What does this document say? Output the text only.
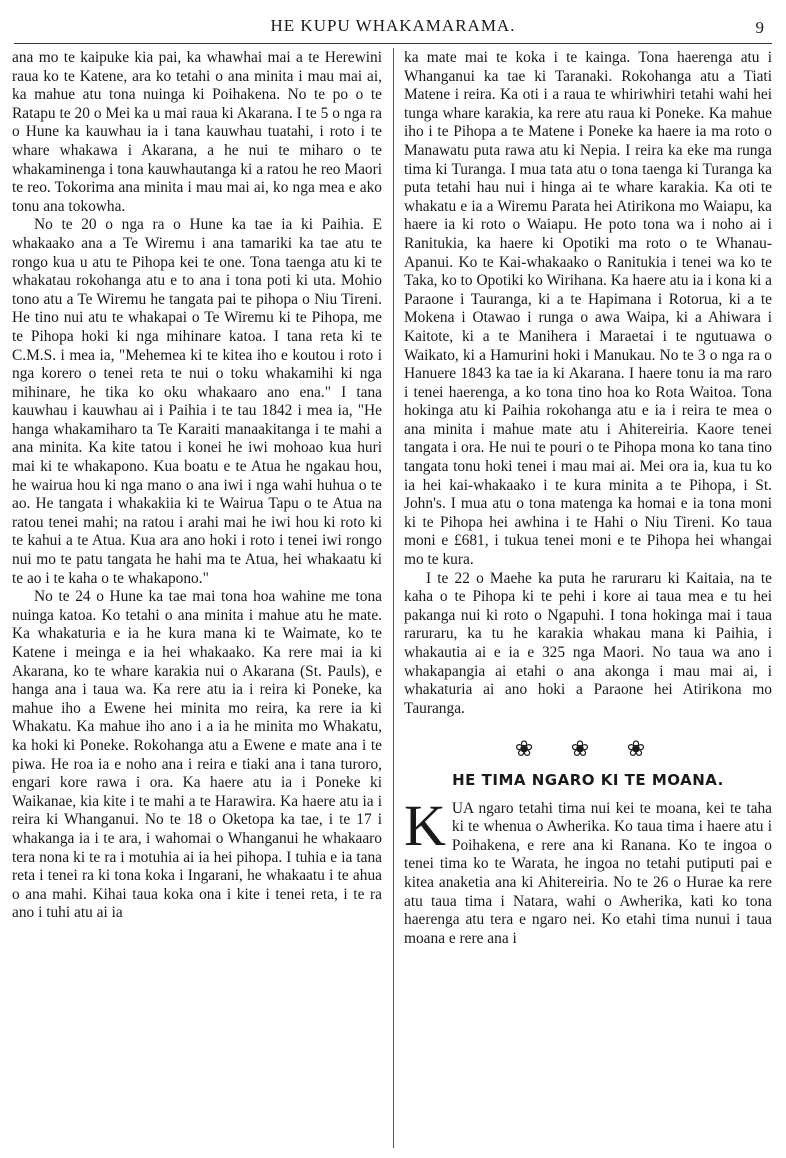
HE KUPU WHAKAMARAMA.	9

ana mo te kaipuke kia pai, ka whawhai mai a te Herewini raua ko te Katene, ara ko tetahi o ana minita i mau mai ai, ka mahue atu tona nuinga ki Poihakena. No te po o te Ratapu te 20 o Mei ka u mai raua ki Akarana. I te 5 o nga ra o Hune ka kauwhau ia i tana kauwhau tuatahi, i roto i te whare whakawa i Akarana, a he nui te miharo o te whakaminenga i tona kauwhautanga ki a ratou he reo Maori te reo. Tokorima ana minita i mau mai ai, ko nga mea e ako tonu ana tokowha.

No te 20 o nga ra o Hune ka tae ia ki Paihia. E whakaako ana a Te Wiremu i ana tamariki ka tae atu te rongo kua u atu te Pihopa kei te one. Tona taenga atu ki te whakatau rokohanga atu e to ana i tona poti ki uta. Mohio tono atu a Te Wiremu he tangata pai te pihopa o Niu Tireni. He tino nui atu te whakapai o Te Wiremu ki te Pihopa, me te Pihopa hoki ki nga mihinare katoa. I tana reta ki te C.M.S. i mea ia, "Mehemea ki te kitea iho e koutou i roto i nga korero o tenei reta te nui o toku whakamihi ki nga mihinare, he tika ko oku whakaaro ano ena." I tana kauwhau i kauwhau ai i Paihia i te tau 1842 i mea ia, "He hanga whakamiharo ta Te Karaiti manaakitanga i te mahi a ana minita. Ka kite tatou i konei he iwi mohoao kua huri mai ki te whakapono. Kua boatu e te Atua he ngakau hou, he wairua hou ki nga mano o ana iwi i nga wahi huhua o te ao. He tangata i whakakiia ki te Wairua Tapu o te Atua na ratou tenei mahi; na ratou i arahi mai he iwi hou ki roto ki te kahui a te Atua. Kua ara ano hoki i roto i tenei iwi rongo nui mo te patu tangata he hahi ma te Atua, hei whakaatu ki te ao i te kaha o te whakapono."

No te 24 o Hune ka tae mai tona hoa wahine me tona nuinga katoa. Ko tetahi o ana minita i mahue atu he mate. Ka whakaturia e ia he kura mana ki te Waimate, ko te Katene i meinga e ia hei whakaako. Ka rere mai ia ki Akarana, ko te whare karakia nui o Akarana (St. Pauls), e hanga ana i taua wa. Ka rere atu ia i reira ki Poneke, ka mahue iho a Ewene hei minita mo reira, ka rere ia ki Whakatu. Ka mahue iho ano i a ia he minita mo Whakatu, ka hoki ki Poneke. Rokohanga atu a Ewene e mate ana i te piwa. He roa ia e noho ana i reira e tiaki ana i tana turoro, engari kore rawa i ora. Ka haere atu ia i Poneke ki Waikanae, kia kite i te mahi a te Harawira. Ka haere atu ia i reira ki Whanganui. No te 18 o Oketopa ka tae, i te 17 i whakanga ia i te ara, i wahomai o Whanganui he whakaaro tera nona ki te ra i motuhia ai ia hei pihopa. I tuhia e ia tana reta i tenei ra ki tona koka i Ingarani, he whakaatu i te ahua o ana mahi. Kihai taua koka ona i kite i tenei reta, i te ra ano i tuhi atu ai ia

ka mate mai te koka i te kainga. Tona haerenga atu i Whanganui ka tae ki Taranaki. Rokohanga atu a Tiati Matene i reira. Ka oti i a raua te whiriwhiri tetahi wahi hei tunga whare karakia, ka rere atu raua ki Poneke. Ka mahue iho i te Pihopa a te Matene i Poneke ka haere ia ma roto o Manawatu puta rawa atu ki Nepia. I reira ka eke ma runga tima ki Turanga. I mua tata atu o tona taenga ki Turanga ka puta tetahi hau nui i hinga ai te whare karakia. Ka oti te whakatu e ia a Wiremu Parata hei Atirikona mo Waiapu, ka haere ia ki roto o Waiapu. He poto tona wa i noho ai i Ranitukia, ka haere ki Opotiki ma roto o te Whanau-Apanui. Ko te Kai-whakaako o Ranitukia i tenei wa ko te Taka, ko to Opotiki ko Wirihana. Ka haere atu ia i kona ki a Paraone i Tauranga, ki a te Hapimana i Rotorua, ki a te Mokena i Otawao i runga o awa Waipa, ki a Ahiwara i Kaitote, ki a te Manihera i Maraetai i te ngutuawa o Waikato, ki a Hamurini hoki i Manukau. No te 3 o nga ra o Hanuere 1843 ka tae ia ki Akarana. I haere tonu ia ma raro i tenei haerenga, a ko tona tino hoa ko Rota Waitoa. Tona hokinga atu ki Paihia rokohanga atu e ia i reira te mea o ana minita i mahue mate atu i Ahitereiria. Kaore tenei tangata i ora. He nui te pouri o te Pihopa mona ko tana tino tangata tonu hoki tenei i mau mai ai. Mei ora ia, kua tu ko ia hei kai-whakaako i te kura minita a te Pihopa, i St. John's. I mua atu o tona matenga ka homai e ia tona moni ki te Pihopa hei awhina i te Hahi o Niu Tireni. Ko taua moni e £681, i tukua tenei moni e te Pihopa hei whangai mo te kura.

I te 22 o Maehe ka puta he raruraru ki Kaitaia, na te kaha o te Pihopa ki te pehi i kore ai taua mea e tu hei pakanga nui ki roto o Ngapuhi. I tona hokinga mai i taua raruraru, ka tu he karakia whakau mana ki Paihia, i whakautia ai e ia e 325 nga Maori. No taua wa ano i whakapangia ai etahi o ana akonga i mau mai ai, i whakaturia ai ano hoki a Paraone hei Atirikona mo Tauranga.

❀ ❀ ❀
HE TIMA NGARO KI TE MOANA.

KUA ngaro tetahi tima nui kei te moana, kei te taha ki te whenua o Awherika. Ko taua tima i haere atu i Poihakena, e rere ana ki Ranana. Ko te ingoa o tenei tima ko te Warata, he ingoa no tetahi putiputi pai e kitea anaketia ana ki Ahitereiria. No te 26 o Hurae ka rere atu taua tima i Natara, wahi o Awherika, kati ko tona haerenga atu tera e ngaro nei. Ko etahi tima nunui i taua moana e rere ana i
